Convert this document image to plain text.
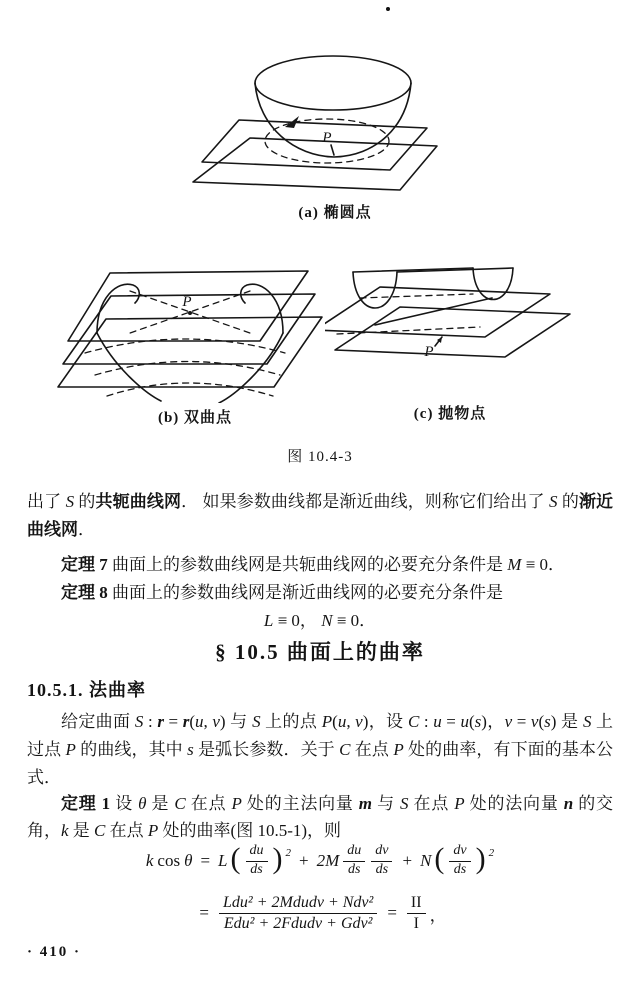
P
(a) 椭圆点
P
(b) 双曲点
P
(c) 抛物点
图 10.4-3
出了 S 的共轭曲线网． 如果参数曲线都是渐近曲线，则称它们给出了 S 的渐近曲线网．
定理 7 曲面上的参数曲线网是共轭曲线网的必要充分条件是 M ≡ 0．
定理 8 曲面上的参数曲线网是渐近曲线网的必要充分条件是
L ≡ 0， N ≡ 0．
§ 10.5 曲面上的曲率
10.5.1. 法曲率
给定曲面 S : r = r(u, v) 与 S 上的点 P(u, v)，设 C : u = u(s)，v = v(s) 是 S 上过点 P 的曲线，其中 s 是弧长参数．关于 C 在点 P 处的曲率，有下面的基本公式．
定理 1 设 θ 是 C 在点 P 处的主法向量 m 与 S 在点 P 处的法向量 n 的交角，k 是 C 在点 P 处的曲率(图 10.5-1)，则
k cos θ = L ( $\frac{du}{ds}$ ) $^2 + 2M \frac{du}{ds} \frac{dv}{ds} + N$ ( $\frac{dv}{ds}$ ) $^2$
= $\frac{\text{Ldu² + 2Mdudv + Ndv²}}{\text{Edu² + 2Fdudv + Gdv²}} = \frac{II}{I}$ ，
· 410 ·
